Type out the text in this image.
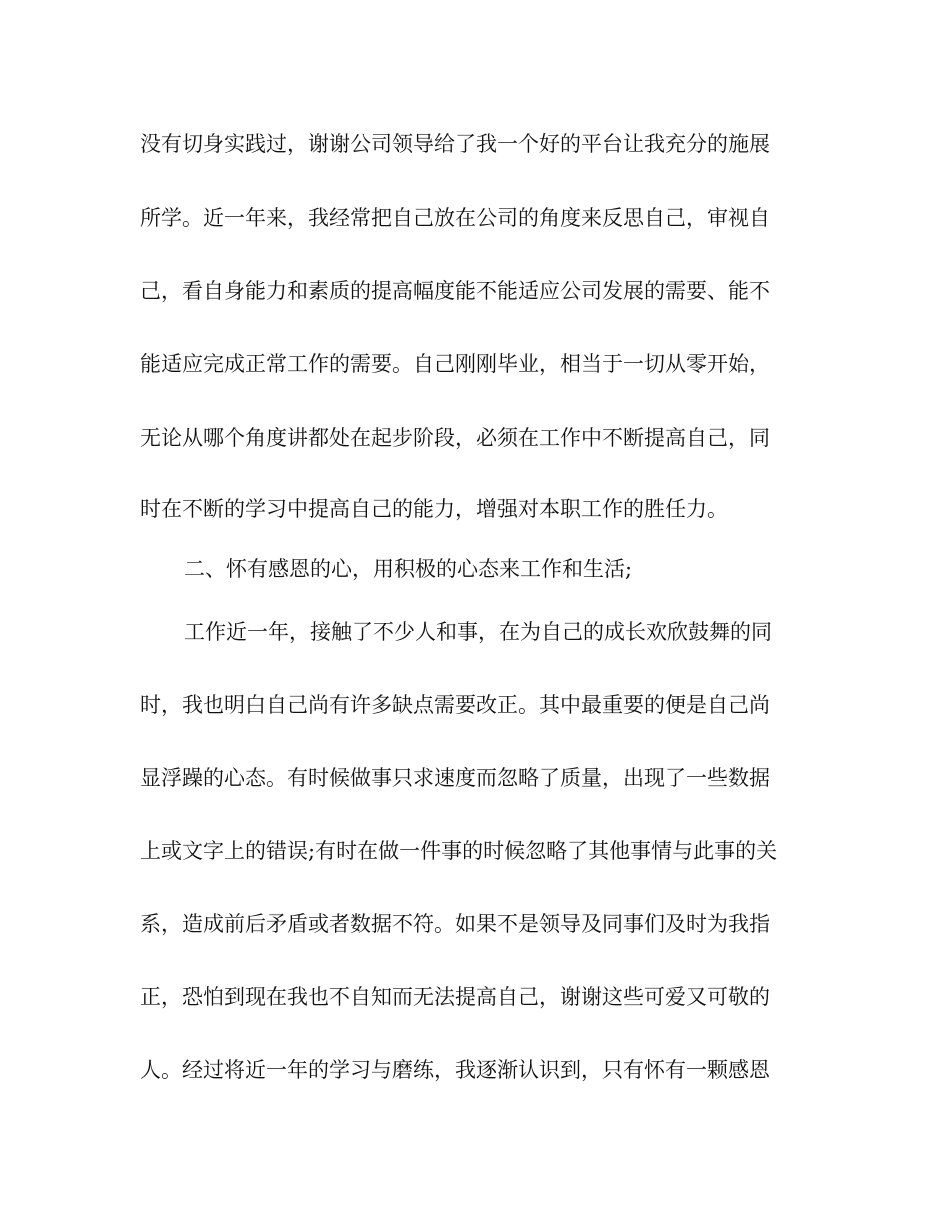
没有切身实践过，谢谢公司领导给了我一个好的平台让我充分的施展
所学。近一年来，我经常把自己放在公司的角度来反思自己，审视自
己，看自身能力和素质的提高幅度能不能适应公司发展的需要、能不
能适应完成正常工作的需要。自己刚刚毕业，相当于一切从零开始，
无论从哪个角度讲都处在起步阶段，必须在工作中不断提高自己，同
时在不断的学习中提高自己的能力，增强对本职工作的胜任力。
二、怀有感恩的心，用积极的心态来工作和生活;
工作近一年，接触了不少人和事，在为自己的成长欢欣鼓舞的同
时，我也明白自己尚有许多缺点需要改正。其中最重要的便是自己尚
显浮躁的心态。有时候做事只求速度而忽略了质量，出现了一些数据
上或文字上的错误;有时在做一件事的时候忽略了其他事情与此事的关
系，造成前后矛盾或者数据不符。如果不是领导及同事们及时为我指
正，恐怕到现在我也不自知而无法提高自己，谢谢这些可爱又可敬的
人。经过将近一年的学习与磨练，我逐渐认识到，只有怀有一颗感恩
